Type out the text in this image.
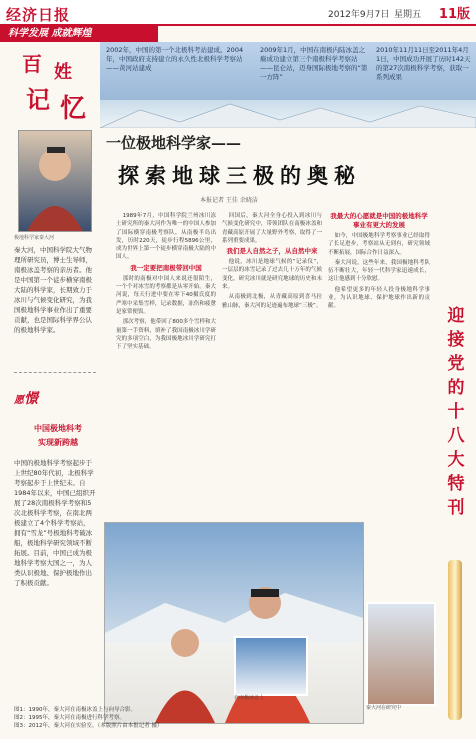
经济日报	2012年9月7日 星期五 11版
科学发展 成就辉煌
百 姓
记 忆
2002年，中国的第一个北极科考站建成。2004年，中国政府支持建立的永久性北极科学考察站——黄河站建成
2009年1月，中国在南极内陆冰盖之巅成功建立第三个南极科学考察站——昆仑站，迈身国际极地考察的“第一方阵”
2010年11月11日至2011年4月1日，中国成功开展了历时142天的第27次南极科学考察，获取一系列成果
极地科学家秦大河
秦大河，中国科学院大气物理所研究员，博士生导师，南极冰盖考察的亲历者。他是中国第一个徒步横穿南极大陆的科学家，长期致力于冰川与气候变化研究，为我国极地科学事业作出了重要贡献，也是国际科学界公认的极地科学家。
愿憬
中国极地科考
实现新跨越
中国的极地科学考察起步于上世纪80年代初，北极科学考察起步于上世纪末。自1984年以来，中国已组织开展了28次南极科学考察和5次北极科学考察，在南北两极建立了4个科学考察站，拥有“雪龙”号极地科考破冰船，极地科学研究领域不断拓展。目前，中国已成为极地科学考察大国之一，为人类认识极地、保护极地作出了积极贡献。
一位极地科学家——
探索地球三极的奥秘
本报记者 王佳 余晓洁

1989年7月，中国科学院兰州冰川冻土研究所的秦大河作为唯一的中国人参加了国际横穿南极考察队，从南极半岛出发，历时220天，徒步行程5896公里，成为世界上第一个徒步横穿南极大陆的中国人。

我一定要把南极带回中国

那时的南极对中国人来说还很陌生，一个个对冰雪的考察都是从零开始。秦大河说，每天行进中要在零下40摄氏度的严寒中采集雪样，记录数据，冻伤和疲惫是家常便饭。

那次考察，他带回了800多个雪样和大量第一手资料，填补了我国南极冰川学研究的多项空白，为我国极地冰川学研究打下了坚实基础。

回国后，秦大河全身心投入到冰川与气候变化研究中，带领团队在南极冰盖和青藏高原开展了大量野外考察，取得了一系列重要成果。

我们是人自然之子，从自然中来

他说，冰川是地球气候的“记录仪”，一层层的冰雪记录了过去几十万年的气候变化，研究冰川就是研究地球的历史和未来。

从南极到北极，从青藏高原到喜马拉雅山脉，秦大河的足迹遍布地球“三极”。

我最大的心愿就是中国的极地科学事业有更大的发展

如今，中国极地科学考察事业已经取得了长足进步，考察站从无到有，研究领域不断拓展，国际合作日益深入。

秦大河说，这些年来，我国极地科考队伍不断壮大，年轻一代科学家迅速成长，这让他感到十分欣慰。

他希望更多的年轻人投身极地科学事业，为认识地球、保护地球作出新的贡献。	迎接党的十八大特刊
在南极冰盖上
秦大河在研究中
图1：1990年，秦大河在南极冰盖上与向导合影。
图2：1995年，秦大河在南极进行科学考察。
图3：2012年，秦大河在实验室。（本版照片由本报记者 摄）
